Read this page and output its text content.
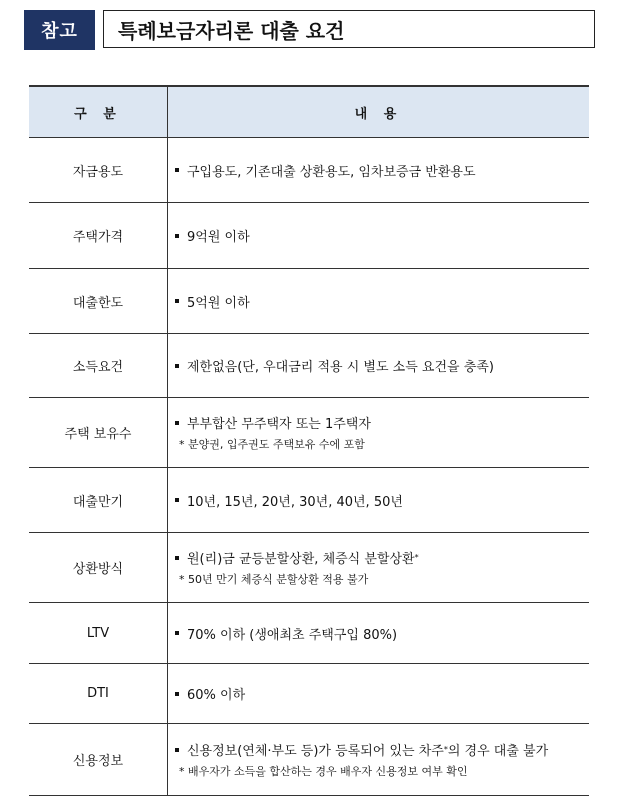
참고	특례보금자리론 대출 요건
구 분	내 용
자금용도	구입용도, 기존대출 상환용도, 임차보증금 반환용도

주택가격	9억원 이하

대출한도	5억원 이하

소득요건	제한없음(단, 우대금리 적용 시 별도 소득 요건을 충족)

주택 보유수	부부합산 무주택자 또는 1주택자
* 분양권, 입주권도 주택보유 수에 포함

대출만기	10년, 15년, 20년, 30년, 40년, 50년

상환방식	원(리)금 균등분할상환, 체증식 분할상환 *
* 50년 만기 체증식 분할상환 적용 불가

LTV	70% 이하 (생애최초 주택구입 80%)

DTI	60% 이하

신용정보	신용정보(연체·부도 등)가 등록되어 있는 차주 * 의 경우 대출 불가
* 배우자가 소득을 합산하는 경우 배우자 신용정보 여부 확인
